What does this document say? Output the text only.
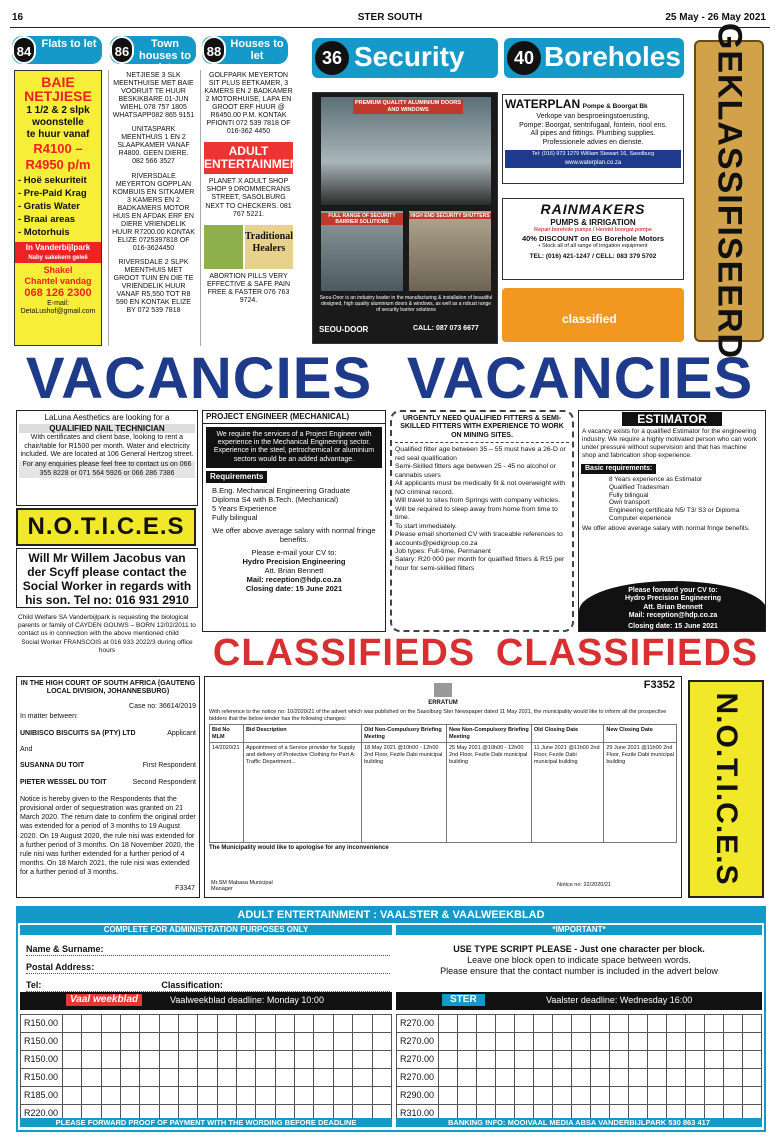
16	STER SOUTH	25 May - 26 May 2021
84 Flats to let	86	Town houses to let
88 Houses to let
BAIE
NETJIESE
1 1/2 & 2 slpk
woonstelle
te huur vanaf
R4100 –
R4950 p/m
- Hoë sekuriteit
- Pre-Paid Krag
- Gratis Water
- Braai areas
- Motorhuis
In Vanderbijlpark
Naby sakekern geleë
Shakel
Chantel vandag
068 126 2300
E-mail:
DetaLushof@gmail.com

NETJIESE 3 SLK MEENTHUISE MET BAIE VOORUIT TE HUUR BESKIKBARE 01-JUN WIEHL 078 757 1805 WHATSAPP082 865 9151

UNITASPARK MEENTHUIS 1 EN 2 SLAAPKAMER VANAF R4800. GEEN DIERE. 082 566 3527

RIVERSDALE MEYERTON GOPPLAN KOMBUIS EN SITKAMER 3 KAMERS EN 2 BADKAMERS MOTOR HUIS EN AFDAK ERF EN DIERE VRIENDELIK HUUR R7200.00 KONTAK ELIZE 0725397818 OF 016-3624450

RIVERSDALE 2 SLPK MEENTHUIS MET GROOT TUIN EN DIE TE VRIENDELIK HUUR VANAF R5,550 TOT R8 590 EN KONTAK ELIZE BY 072 539 7818

GOLFPARK MEYERTON SIT PLUS EETKAMER, 3 KAMERS EN 2 BADKAMER 2 MOTORHUISE, LAPA EN GROOT ERF HUUR @ R6450.00 P.M. KONTAK PFIONTI 072 539 7818 OF 016-362 4450

ADULT ENTERTAINMENT

PLANET X ADULT SHOP SHOP 9 DROMMECRANS STREET, SASOLBURG NEXT TO CHECKERS. 081 767 5221.

Traditional Healers

ABORTION PILLS VERY EFFECTIVE & SAFE PAIN FREE & FASTER 076 763 9724.

36 Security
PREMIUM QUALITY ALUMINIUM DOORS AND WINDOWS
FULL RANGE OF SECURITY BARRIER SOLUTIONS
HIGH END SECURITY SHUTTERS
Seou-Door is an industry leader in the manufacturing & installation of beautiful designed, high quality aluminium doors & windows, as well as a robust range of security barrier solutions
SEOU-DOOR	CALL: 087 073 6677
40 Boreholes
WATERPLAN Pompe & Boorgat Bk
Verkope van besproeiingstoerusting,
Pompe: Boorgat, sentrifugaal, fontein, riool ens.
All pipes and fittings. Plumbing supplies.
Professionele advies en dienste.
Tel: (016) 973 1279 William Stewart 16, Sasolburg
www.waterplan.co.za
RAINMAKERS
PUMPS & IRRIGATION
Repair borehole pumps / Herstel boorgat pompe
40% DISCOUNT on EG Borehole Motors
• Stock all of all range of irrigation equipment
TEL: (016) 421-1247 / CELL: 083 379 5702
classified	GEKLASSIFISEERD
VACANCIES VACANCIES
LaLuna Aesthetics are looking for a
QUALIFIED NAIL TECHNICIAN
With certificates and client base, looking to rent a chair/table for R1500 per month. Water and electricity included. We are located at 106 General Hertzog street.
For any enquiries please feel free to contact us on 066 355 8228 or 071 564 5926 or 066 286 7386
N.O.T.I.C.E.S
Will Mr Willem Jacobus van der Scyff please contact the Social Worker in regards with his son. Tel no: 016 931 2910
Child Welfare SA Vanderbijlpark is requesting the biological parents or family of CAYDEN GOUWS – BORN 12/02/2011 to contact us in connection with the above mentioned child
Social Worker FRANSCOIS at 016 933 2022/3 during office hours
PROJECT ENGINEER (MECHANICAL)
We require the services of a Project Engineer with experience in the Mechanical Engineering sector. Experience in the steel, petrochemical or aluminium sectors would be an added advantage.
Requirements
B.Eng. Mechanical Engineering Graduate
Diploma S4 with B.Tech. (Mechanical)
5 Years Experience
Fully bilingual
We offer above average salary with normal fringe benefits.
Please e-mail your CV to:
Hydro Precision Engineering
Att. Brian Bennett
Mail: reception@hdp.co.za
Closing date: 15 June 2021
URGENTLY NEED QUALIFIED FITTERS & SEMI-SKILLED FITTERS WITH EXPERIENCE TO WORK ON MINING SITES.
Qualified fitter age between 35 – 55 must have a 26-D or red seal qualification
Semi-Skilled fitters age between 25 - 45 no alcohol or cannabis users
All applicants must be medically fit & not overweight with NO criminal record.
Will travel to sites from Springs with company vehicles. Will be required to sleep away from home from time to time.
To start immediately.
Please email shortened CV with traceable references to accounts@pedigroup.co.za
Job types: Full-time, Permanent
Salary: R20 000 per month for qualified fitters & R15 per hour for semi-skilled fitters
ESTIMATOR
A vacancy exists for a qualified Estimator for the engineering industry. We require a highly motivated person who can work under pressure without supervision and that has machine shop and fabrication shop experience.
Basic requirements:
8 Years experience as Estimator
Qualified Tradesman
Fully bilingual
Own transport
Engineering certificate N5/ T3/ S3 or Diploma
Computer experience
We offer above average salary with normal fringe benefits.
Please forward your CV to:
Hydro Precision Engineering
Att. Brian Bennett
Mail: reception@hdp.co.za
Closing date: 15 June 2021
CLASSIFIEDS CLASSIFIEDS
IN THE HIGH COURT OF SOUTH AFRICA (GAUTENG LOCAL DIVISION, JOHANNESBURG)
Case no: 36614/2019
In matter between:
UNIBISCO BISCUITS SA (PTY) LTD	Applicant
And
SUSANNA DU TOIT	First Respondent
PIETER WESSEL DU TOIT	Second Respondent
Notice is hereby given to the Respondents that the provisional order of sequestration was granted on 21 March 2020. The return date to confirm the original order was extended for a period of 3 months to 19 August 2020. On 19 August 2020, the rule nisi was extended for a further period of 3 months. On 18 November 2020, the rule nisi was further extended for a further period of 4 months. On 18 March 2021, the rule nisi was extended for a further period of 3 months.
F3347
F3352
ERRATUM
With reference to the notice no: 10/2020/21 of the advert which was published on the Sasolburg Ster Newspaper dated 11 May 2021, the municipality would like to inform all the prospective bidders that the below tender has the following changes:
Bid No MLM	Bid Description	Old Non-Compulsory Briefing Meeting	New Non-Compulsory Briefing Meeting	Old Closing Date	New Closing Date
14/2020/21	Appointment of a Service provider for Supply and delivery of Protective Clothing for Part A: Traffic Department...	18 May 2021 @10h00 - 12h00 2nd Floor, Fezile Dabi municipal building	25 May 2021 @10h00 - 12h00 2nd Floor, Fezile Dabi municipal building	11 June 2021 @11h00 2nd Floor, Fezile Dabi municipal building	29 June 2021 @11h00 2nd Floor, Fezile Dabi municipal building
The Municipality would like to apologise for any inconvenience
Mr.SM Mabasa Municipal Manager
Notice no: 22/2020/21	N.O.T.I.C.E.S
ADULT ENTERTAINMENT : VAALSTER & VAALWEEKBLAD
COMPLETE FOR ADMINISTRATION PURPOSES ONLY	*IMPORTANT*
Name & Surname:
Postal Address:
Tel:	Classification:
USE TYPE SCRIPT PLEASE - Just one character per block.
Leave one block open to indicate space between words.
Please ensure that the contact number is included in the advert below
Vaal weekblad	Vaalweekblad deadline: Monday 10:00	STER	Vaalster deadline: Wednesday 16:00
R150.00																	
R150.00																	
R150.00																	
R150.00																	
R185.00																	
R220.00																	
R270.00																	
R270.00																	
R270.00																	
R270.00																	
R290.00																	
R310.00																	
PLEASE FORWARD PROOF OF PAYMENT WITH THE WORDING BEFORE DEADLINE	BANKING INFO: MOOIVAAL MEDIA ABSA VANDERBIJLPARK 530 863 417
